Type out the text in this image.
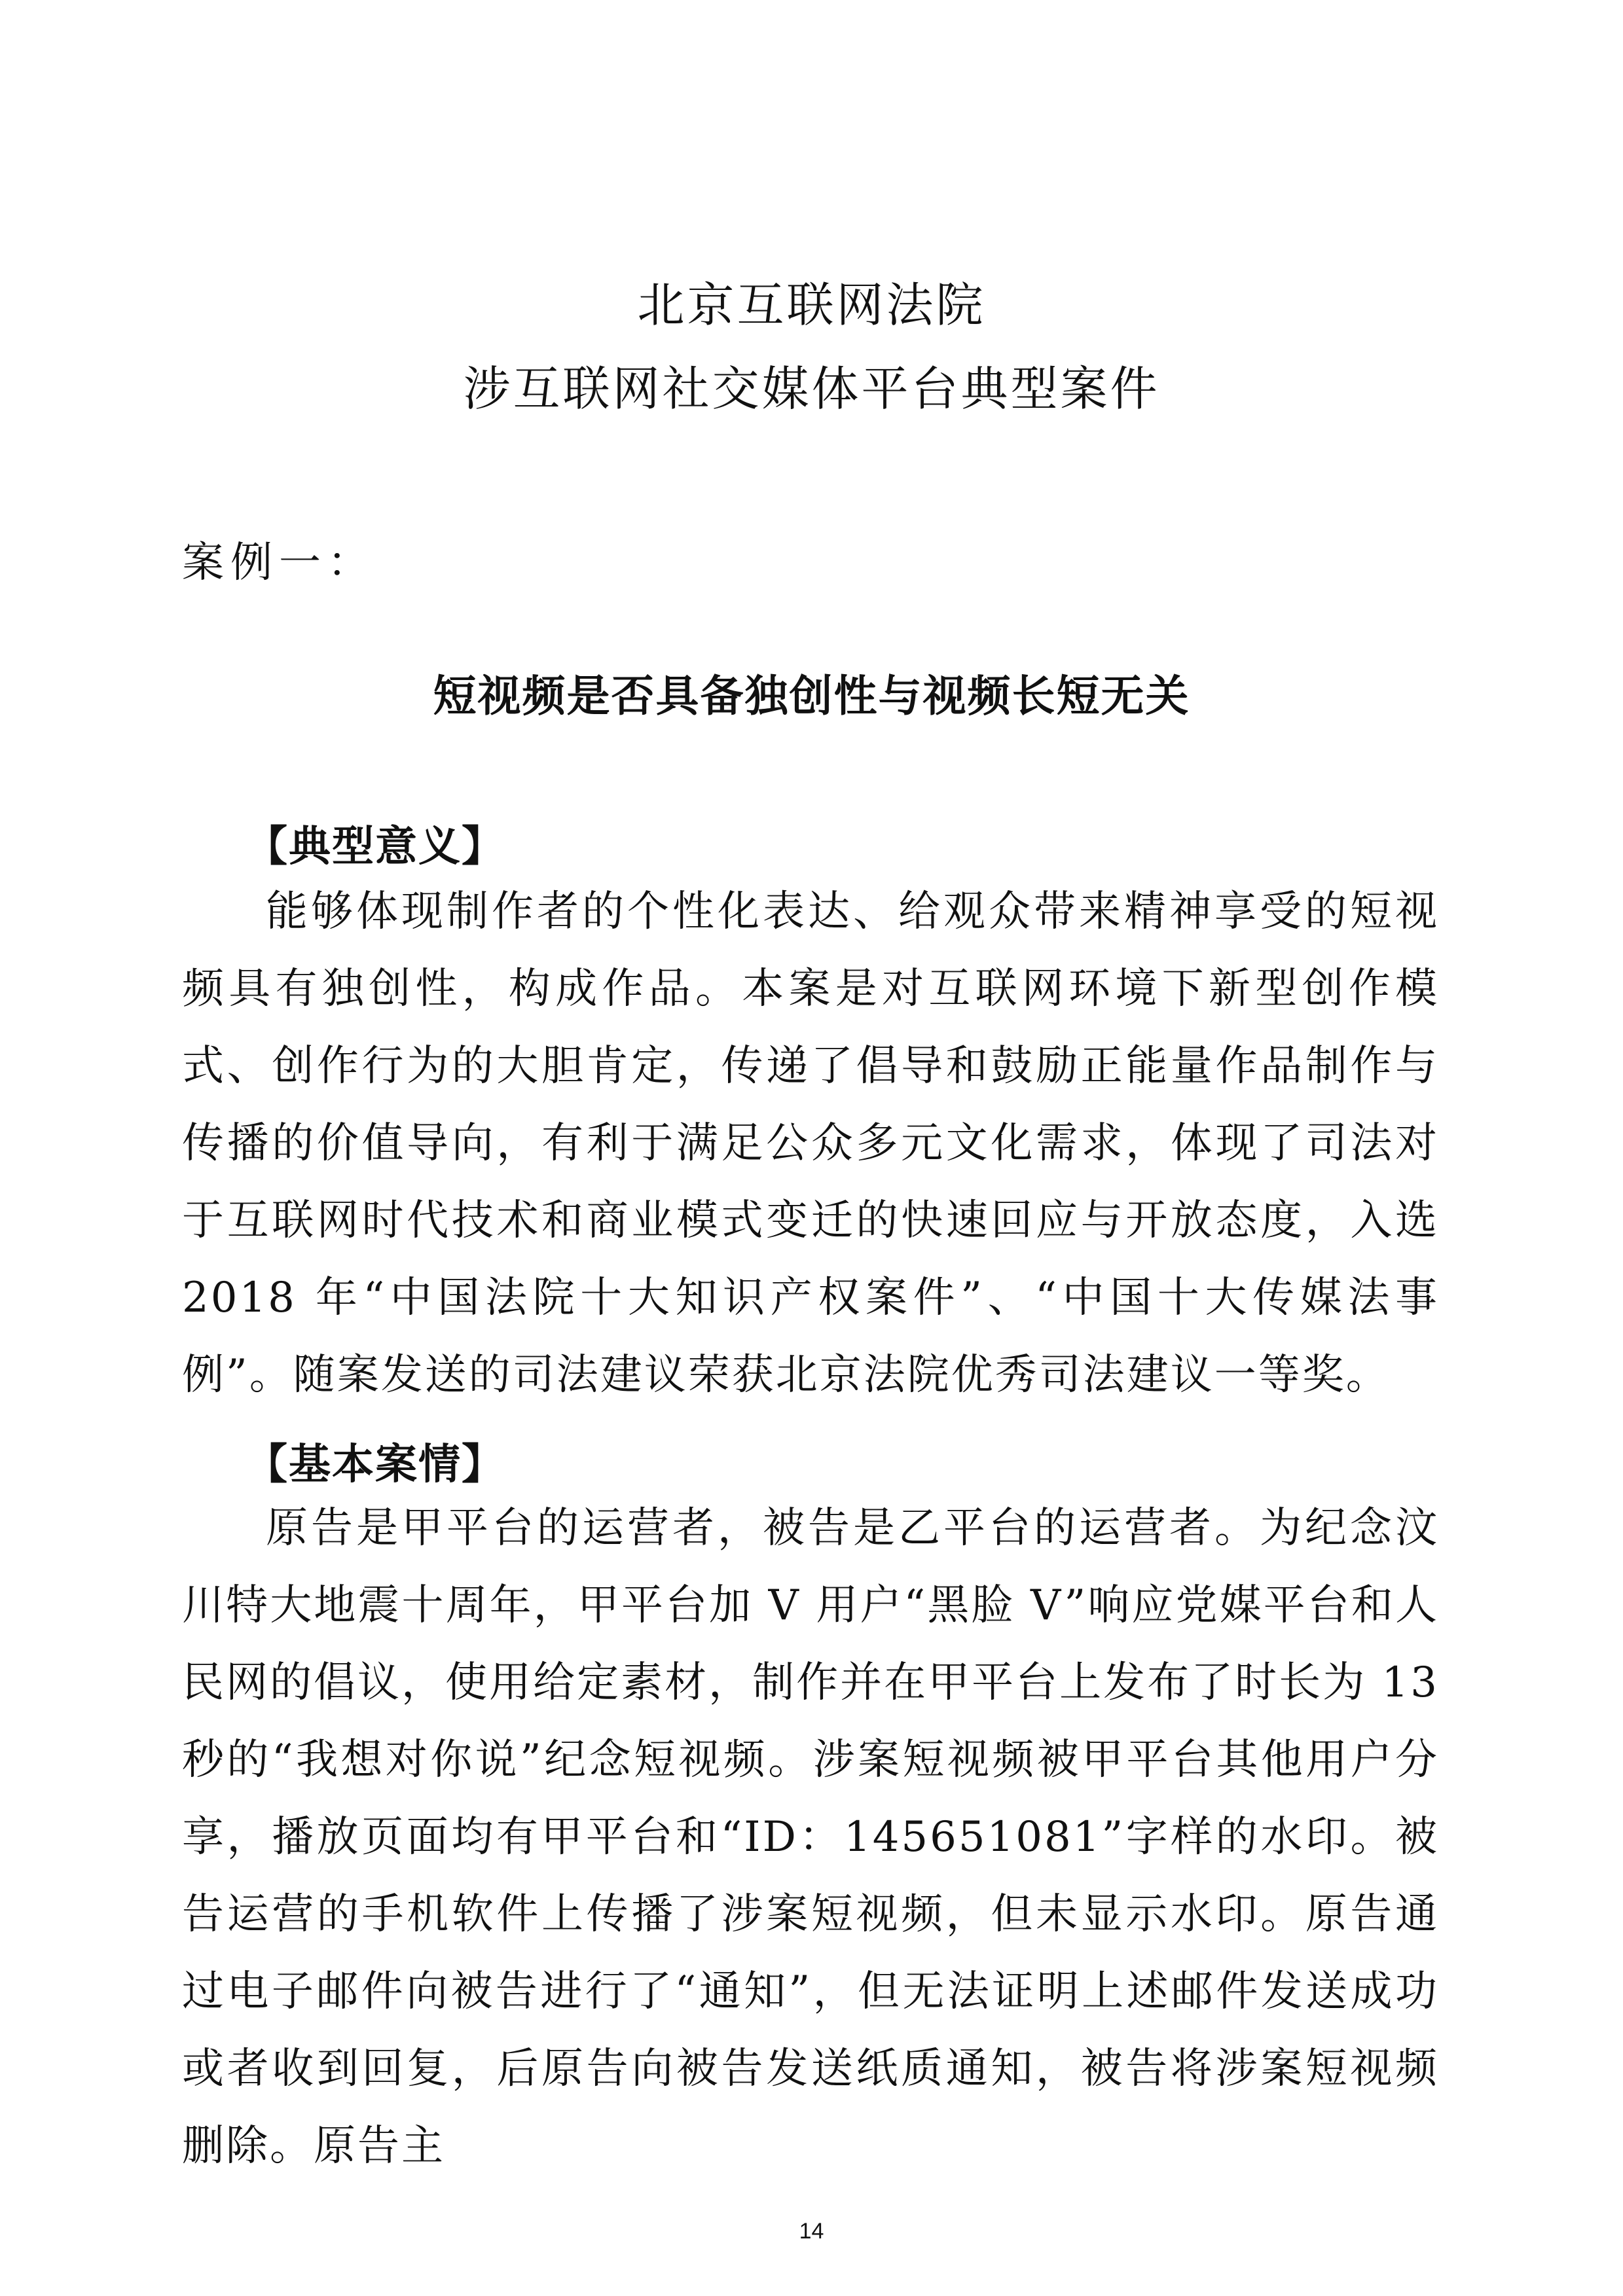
北京互联网法院
涉互联网社交媒体平台典型案件
案例一：
短视频是否具备独创性与视频长短无关
【典型意义】

能够体现制作者的个性化表达、给观众带来精神享受的短视频具有独创性，构成作品。本案是对互联网环境下新型创作模式、创作行为的大胆肯定，传递了倡导和鼓励正能量作品制作与传播的价值导向，有利于满足公众多元文化需求，体现了司法对于互联网时代技术和商业模式变迁的快速回应与开放态度，入选 2018 年“中国法院十大知识产权案件”、“中国十大传媒法事例”。随案发送的司法建议荣获北京法院优秀司法建议一等奖。

【基本案情】

原告是甲平台的运营者，被告是乙平台的运营者。为纪念汶川特大地震十周年，甲平台加 V 用户“黑脸 V”响应党媒平台和人民网的倡议，使用给定素材，制作并在甲平台上发布了时长为 13 秒的“我想对你说”纪念短视频。涉案短视频被甲平台其他用户分享，播放页面均有甲平台和“ID：145651081”字样的水印。被告运营的手机软件上传播了涉案短视频，但未显示水印。原告通过电子邮件向被告进行了“通知”，但无法证明上述邮件发送成功或者收到回复，后原告向被告发送纸质通知，被告将涉案短视频删除。原告主

14
